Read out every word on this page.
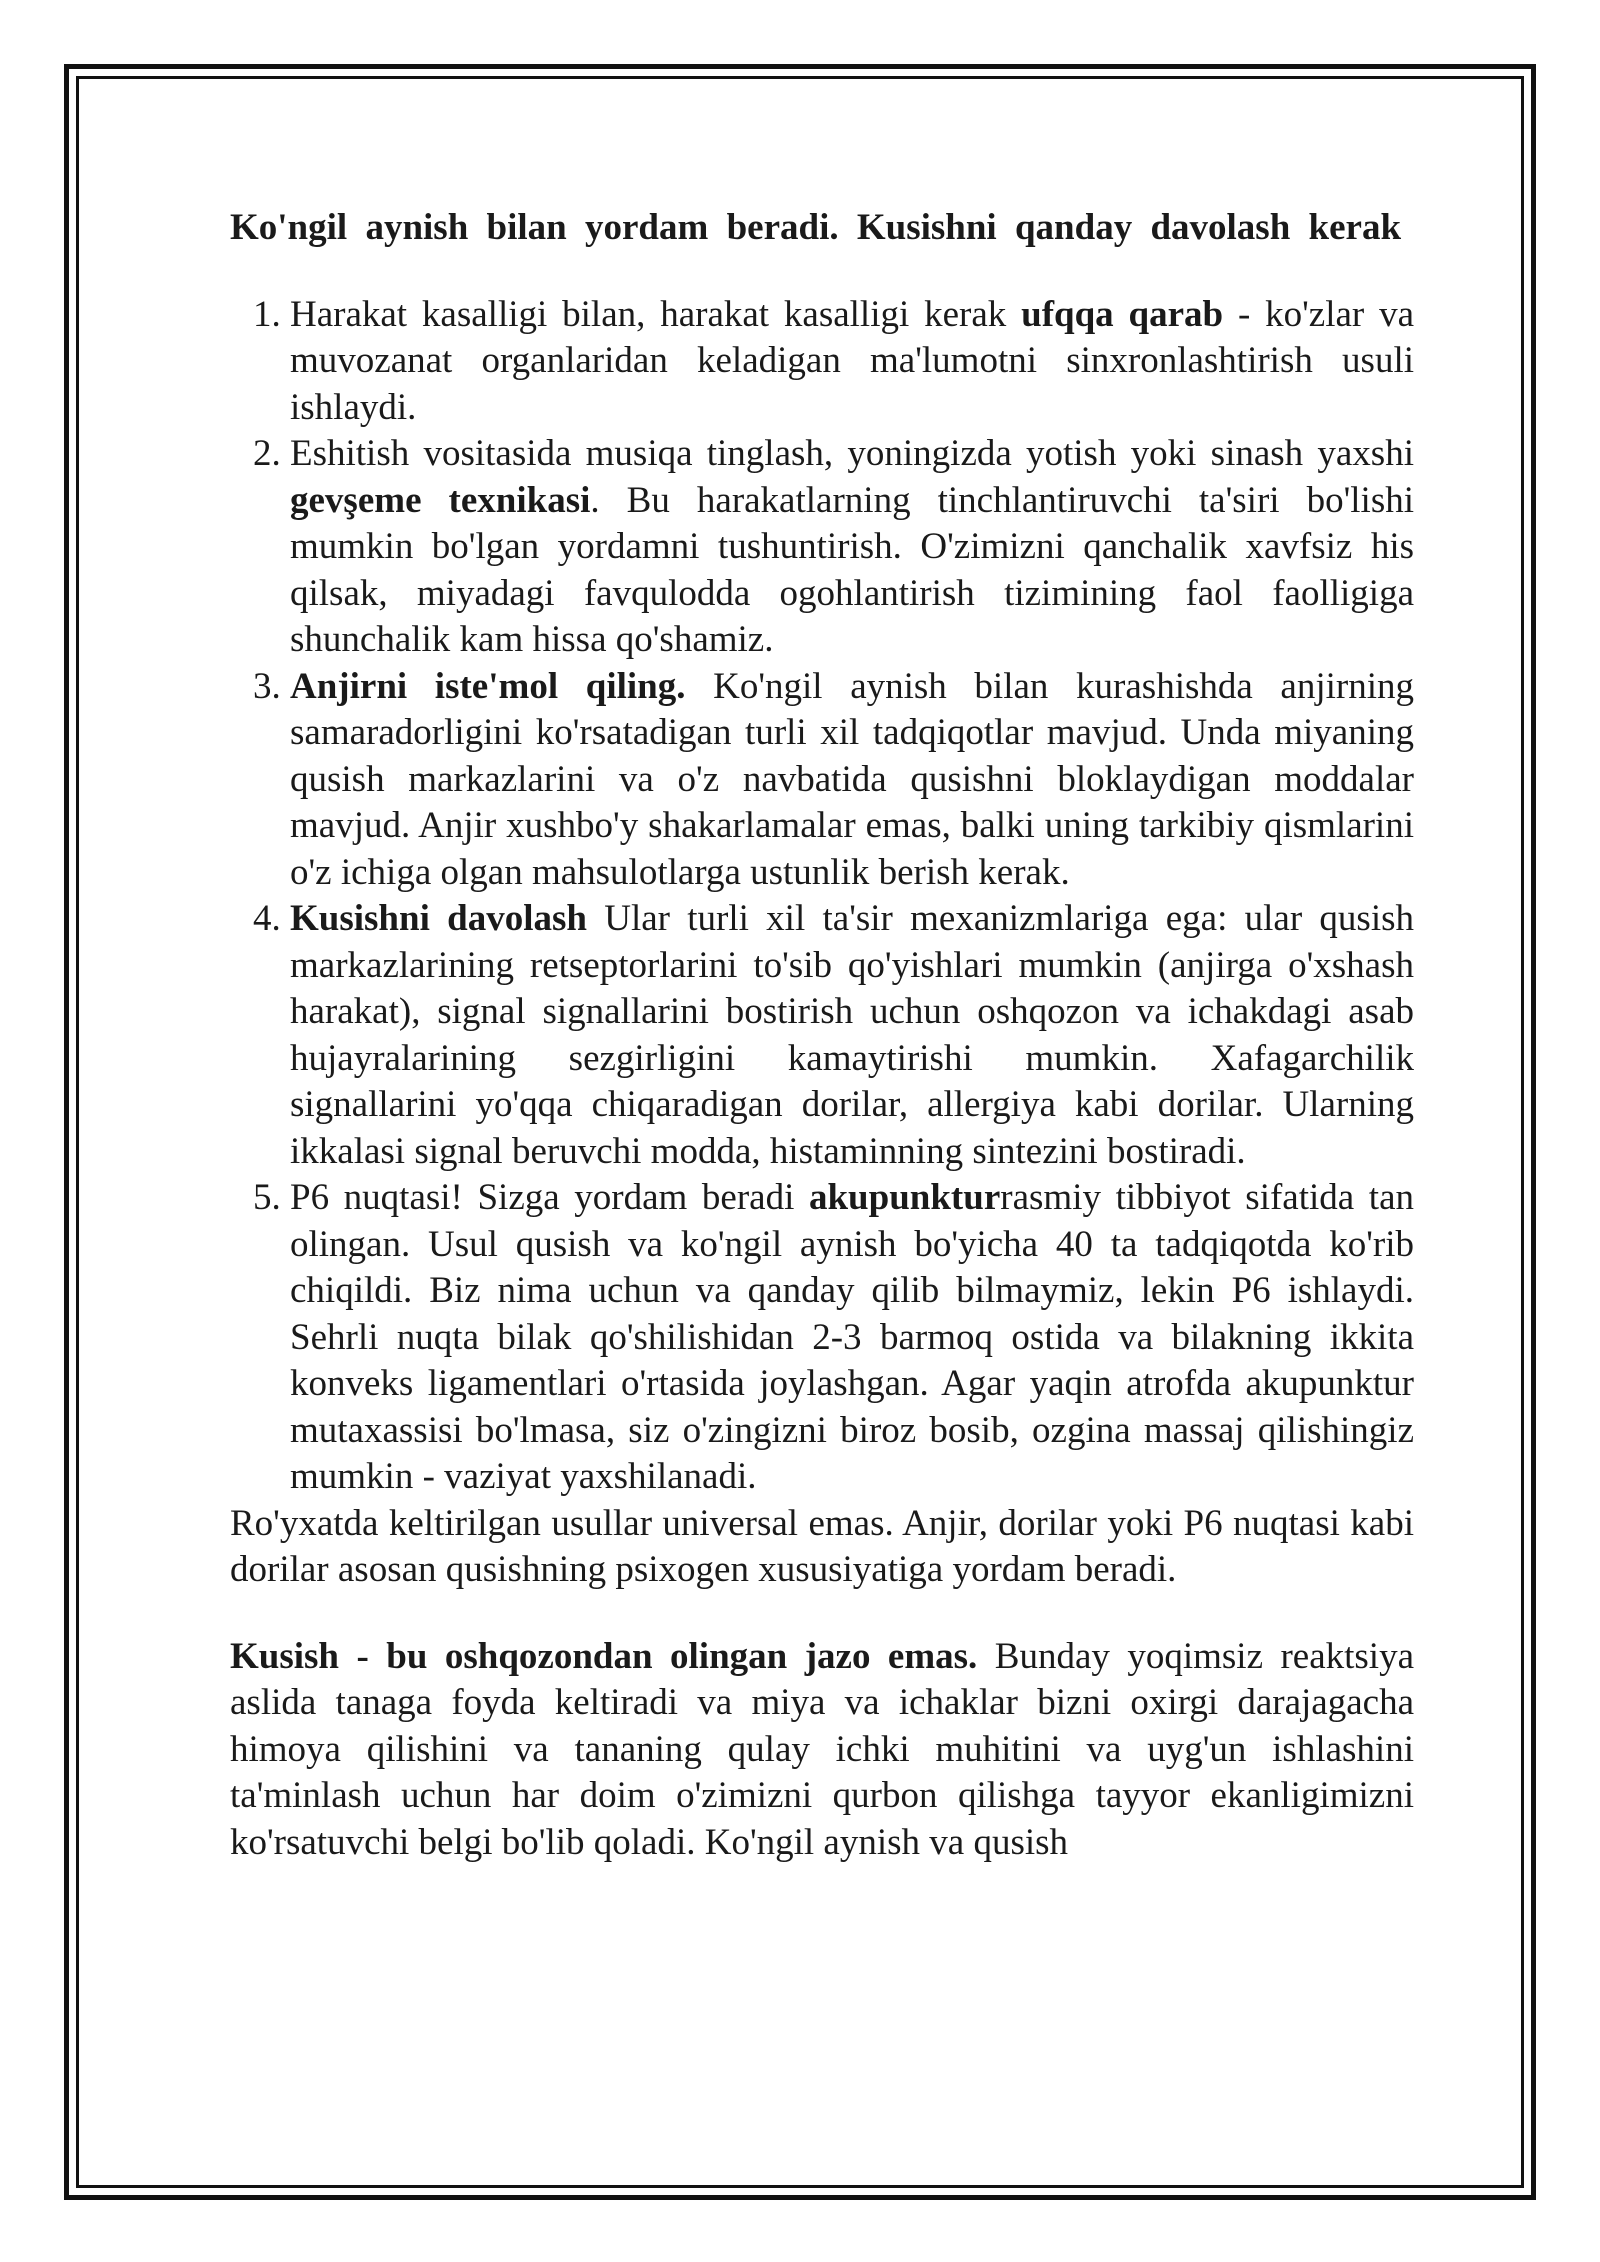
Ko'ngil aynish bilan yordam beradi. Kusishni qanday davolash kerak
1. Harakat kasalligi bilan, harakat kasalligi kerak ufqqa qarab - ko'zlar va muvozanat organlaridan keladigan ma'lumotni sinxronlashtirish usuli ishlaydi.
2. Eshitish vositasida musiqa tinglash, yoningizda yotish yoki sinash yaxshi gevşeme texnikasi. Bu harakatlarning tinchlantiruvchi ta'siri bo'lishi mumkin bo'lgan yordamni tushuntirish. O'zimizni qanchalik xavfsiz his qilsak, miyadagi favqulodda ogohlantirish tizimining faol faolligiga shunchalik kam hissa qo'shamiz.
3. Anjirni iste'mol qiling. Ko'ngil aynish bilan kurashishda anjirning samaradorligini ko'rsatadigan turli xil tadqiqotlar mavjud. Unda miyaning qusish markazlarini va o'z navbatida qusishni bloklaydigan moddalar mavjud. Anjir xushbo'y shakarlamalar emas, balki uning tarkibiy qismlarini o'z ichiga olgan mahsulotlarga ustunlik berish kerak.
4. Kusishni davolash Ular turli xil ta'sir mexanizmlariga ega: ular qusish markazlarining retseptorlarini to'sib qo'yishlari mumkin (anjirga o'xshash harakat), signal signallarini bostirish uchun oshqozon va ichakdagi asab hujayralarining sezgirligini kamaytirishi mumkin. Xafagarchilik signallarini yo'qqa chiqaradigan dorilar, allergiya kabi dorilar. Ularning ikkalasi signal beruvchi modda, histaminning sintezini bostiradi.
5. P6 nuqtasi! Sizga yordam beradi akupunkturrasmiy tibbiyot sifatida tan olingan. Usul qusish va ko'ngil aynish bo'yicha 40 ta tadqiqotda ko'rib chiqildi. Biz nima uchun va qanday qilib bilmaymiz, lekin P6 ishlaydi. Sehrli nuqta bilak qo'shilishidan 2-3 barmoq ostida va bilakning ikkita konveks ligamentlari o'rtasida joylashgan. Agar yaqin atrofda akupunktur mutaxassisi bo'lmasa, siz o'zingizni biroz bosib, ozgina massaj qilishingiz mumkin - vaziyat yaxshilanadi.

Ro'yxatda keltirilgan usullar universal emas. Anjir, dorilar yoki P6 nuqtasi kabi dorilar asosan qusishning psixogen xususiyatiga yordam beradi.

Kusish - bu oshqozondan olingan jazo emas. Bunday yoqimsiz reaktsiya aslida tanaga foyda keltiradi va miya va ichaklar bizni oxirgi darajagacha himoya qilishini va tananing qulay ichki muhitini va uyg'un ishlashini ta'minlash uchun har doim o'zimizni qurbon qilishga tayyor ekanligimizni ko'rsatuvchi belgi bo'lib qoladi. Ko'ngil aynish va qusish
